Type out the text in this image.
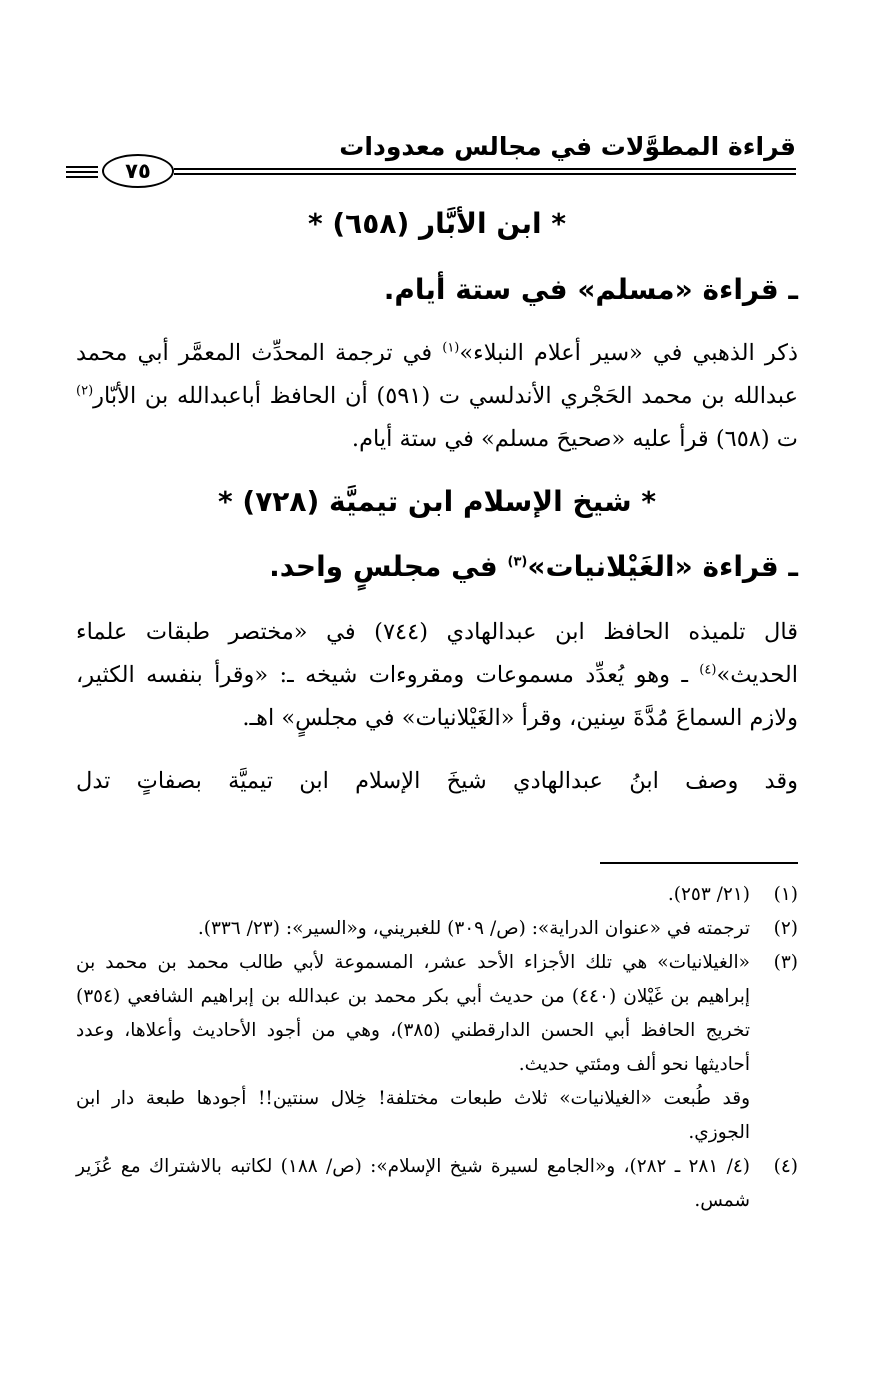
قراءة المطوَّلات في مجالس معدودات
٧٥
* ابن الأبَّار (٦٥٨) *
ـ قراءة «مسلم» في ستة أيام.
ذكر الذهبي في «سير أعلام النبلاء»$^{(١)}$ في ترجمة المحدِّث المعمَّر أبي محمد عبدالله بن محمد الحَجْري الأندلسي ت (٥٩١) أن الحافظ أباعبدالله بن الأبّار$^{(٢)}$ ت (٦٥٨) قرأ عليه «صحيحَ مسلم» في ستة أيام.
* شيخ الإسلام ابن تيميَّة (٧٢٨) *
ـ قراءة «الغَيْلانيات»$^{(٣)}$ في مجلسٍ واحد.
قال تلميذه الحافظ ابن عبدالهادي (٧٤٤) في «مختصر طبقات علماء الحديث»$^{(٤)}$ ـ وهو يُعدِّد مسموعات ومقروءات شيخه ـ: «وقرأ بنفسه الكثير، ولازم السماعَ مُدَّةَ سِنين، وقرأ «الغَيْلانيات» في مجلسٍ» اهـ.
وقد وصف ابنُ عبدالهادي شيخَ الإسلام ابن تيميَّة بصفاتٍ تدل
(١)
(٢١/ ٢٥٣).
(٢)
ترجمته في «عنوان الدراية»: (ص/ ٣٠٩) للغبريني، و«السير»: (٢٣/ ٣٣٦).
(٣)
«الغيلانيات» هي تلك الأجزاء الأحد عشر، المسموعة لأبي طالب محمد بن محمد بن إبراهيم بن غَيْلان (٤٤٠) من حديث أبي بكر محمد بن عبدالله بن إبراهيم الشافعي (٣٥٤) تخريج الحافظ أبي الحسن الدارقطني (٣٨٥)، وهي من أجود الأحاديث وأعلاها، وعدد أحاديثها نحو ألف ومئتي حديث.
وقد طُبعت «الغيلانيات» ثلاث طبعات مختلفة! خِلال سنتين!! أجودها طبعة دار ابن الجوزي.
(٤)
(٤/ ٢٨١ ـ ٢٨٢)، و«الجامع لسيرة شيخ الإسلام»: (ص/ ١٨٨) لكاتبه بالاشتراك مع عُزَير شمس.
